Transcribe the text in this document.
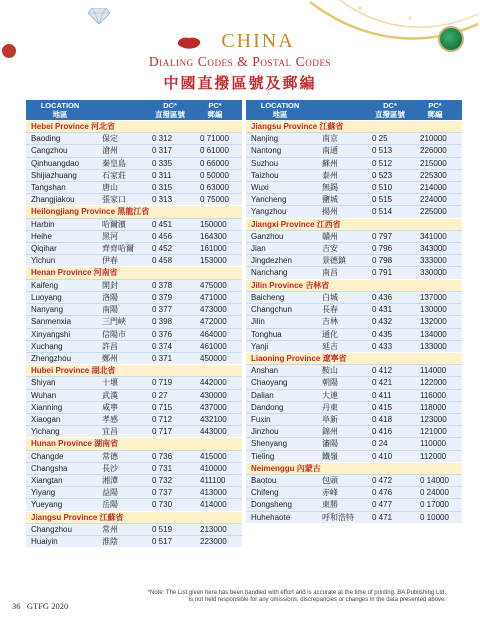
CHINA
Dialing Codes & Postal Codes
中國直撥區號及郵編
LOCATION
地區
DC*
直撥區號
PC*
郵編
Hebei Province 河北省
Baoding	保定	0 312	0 71000
Cangzhou	滄州	0 317	0 61000
Qinhuangdao	秦皇島	0 335	0 66000
Shijiazhuang	石家莊	0 311	0 50000
Tangshan	唐山	0 315	0 63000
Zhangjiakou	張家口	0 313	0 75000
Heilongjiang Province 黑龍江省
Harbin	哈爾濱	0 451	150000
Heihe	黑河	0 456	164300
Qiqihar	齊齊哈爾 0 452	161000
Yichun	伊春	0 458	153000
Henan Province 河南省
Kaifeng	開封	0 378	475000
Luoyang	洛陽	0 379	471000
Nanyang	南陽	0 377	473000
Sanmenxia	三門峽	0 398	472000
Xinyangshi	信陽市	0 376	464000
Xuchang	許昌	0 374	461000
Zhengzhou	鄭州	0 371	450000
Hubei Province 湖北省
Shiyan	十堰	0 719	442000
Wuhan	武漢	0 27	430000
Xianning	咸寧	0 715	437000
Xiaogan	孝感	0 712	432100
Yichang	宜昌	0 717	443000
Hunan Province 湖南省
Changde	常德	0 736	415000
Changsha	長沙	0 731	410000
Xiangtan	湘潭	0 732	411100
Yiyang	益陽	0 737	413000
Yueyang	岳陽	0 730	414000
Jiangsu Province 江蘇省
Changzhou	常州	0 519	213000
Huaiyin	淮陰	0 517	223000
LOCATION
地區
DC*
直撥區號
PC*
郵編
Jiangsu Province 江蘇省
Nanjing	南京	0 25	210000
Nantong	南通	0 513	226000
Suzhou	蘇州	0 512	215000
Taizhou	泰州	0 523	225300
Wuxi	無錫	0 510	214000
Yancheng	鹽城	0 515	224000
Yangzhou	揚州	0 514	225000
Jiangxi Province 江西省
Ganzhou	贛州	0 797	341000
Jian	吉安	0 796	343000
Jingdezhen	景德鎮	0 798	333000
Nanchang	南昌	0 791	330000
Jilin Province 吉林省
Baicheng	白城	0 436	137000
Changchun	長春	0 431	130000
Jilin	吉林	0 432	132000
Tonghua	通化	0 435	134000
Yanji	延吉	0 433	133000
Liaoning Province 遼寧省
Anshan	鞍山	0 412	114000
Chaoyang	朝陽	0 421	122000
Dalian	大連	0 411	116000
Dandong	丹東	0 415	118000
Fuxin	阜新	0 418	123000
Jinzhou	錦州	0 416	121000
Shenyang	瀋陽	0 24	110000
Tieling	鐵嶺	0 410	112000
Neimenggu 內蒙古
Baotou	包頭	0 472	0 14000
Chifeng	赤峰	0 476	0 24000
Dongsheng	東勝	0 477	0 17000
Huhehaote	呼和浩特 0 471	0 10000
*Note: The List given here has been handled with effort and is accurate at the time of printing. BA Publishing Ltd.
is not held responsible for any omissions, discrepancies or changes in the data presented above.
36 GTFG 2020
